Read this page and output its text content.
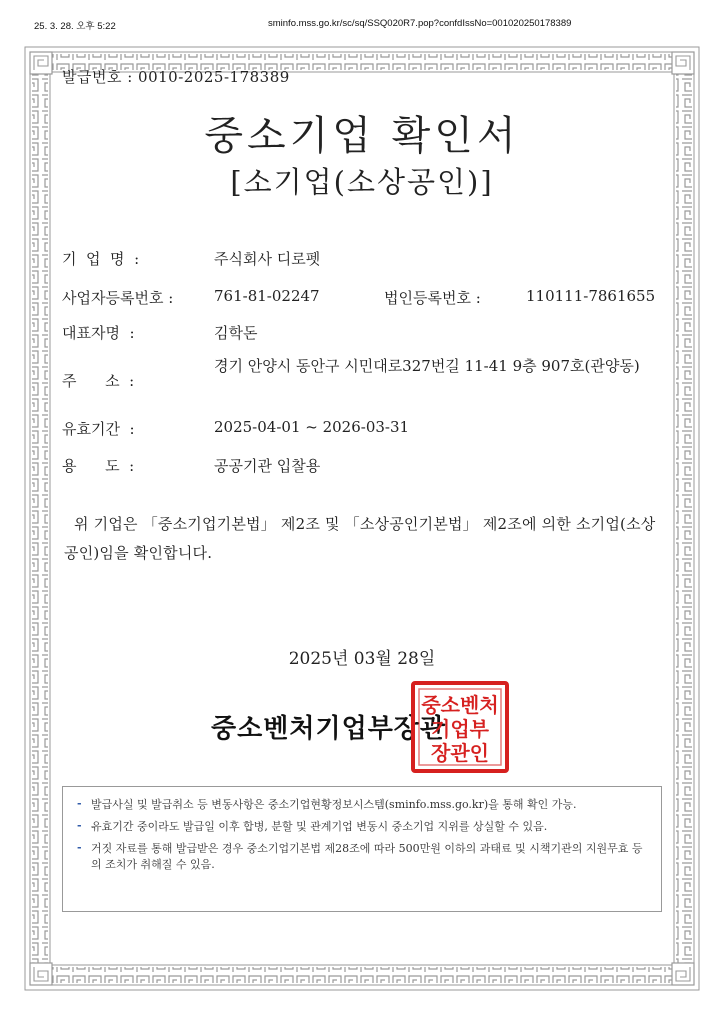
25. 3. 28. 오후 5:22	sminfo.mss.go.kr/sc/sq/SSQ020R7.pop?confdIssNo=001020250178389
발급번호 : 0010-2025-178389
중소기업 확인서
[소기업(소상공인)]
기  업  명  :	주식회사 디로펫
사업자등록번호 :	761-81-02247	법인등록번호 :	110111-7861655
대표자명  :	김학돈
주      소  :
경기 안양시 동안구 시민대로327번길 11-41 9층 907호(관양동)
유효기간  :	2025-04-01 ~ 2026-03-31
용      도  :	공공기관 입찰용
위 기업은 「중소기업기본법」 제2조 및 「소상공인기본법」 제2조에 의한 소기업(소상공인)임을 확인합니다.
2025년 03월 28일
중소벤처기업부장관
중소벤처
기업부
장관인
- 발급사실 및 발급취소 등 변동사항은 중소기업현황정보시스템(sminfo.mss.go.kr)을 통해 확인 가능.
- 유효기간 중이라도 발급일 이후 합병, 분할 및 관계기업 변동시 중소기업 지위를 상실할 수 있음.
- 거짓 자료를 통해 발급받은 경우 중소기업기본법 제28조에 따라 500만원 이하의 과태료 및 시책기관의 지원무효 등의 조치가 취해질 수 있음.
